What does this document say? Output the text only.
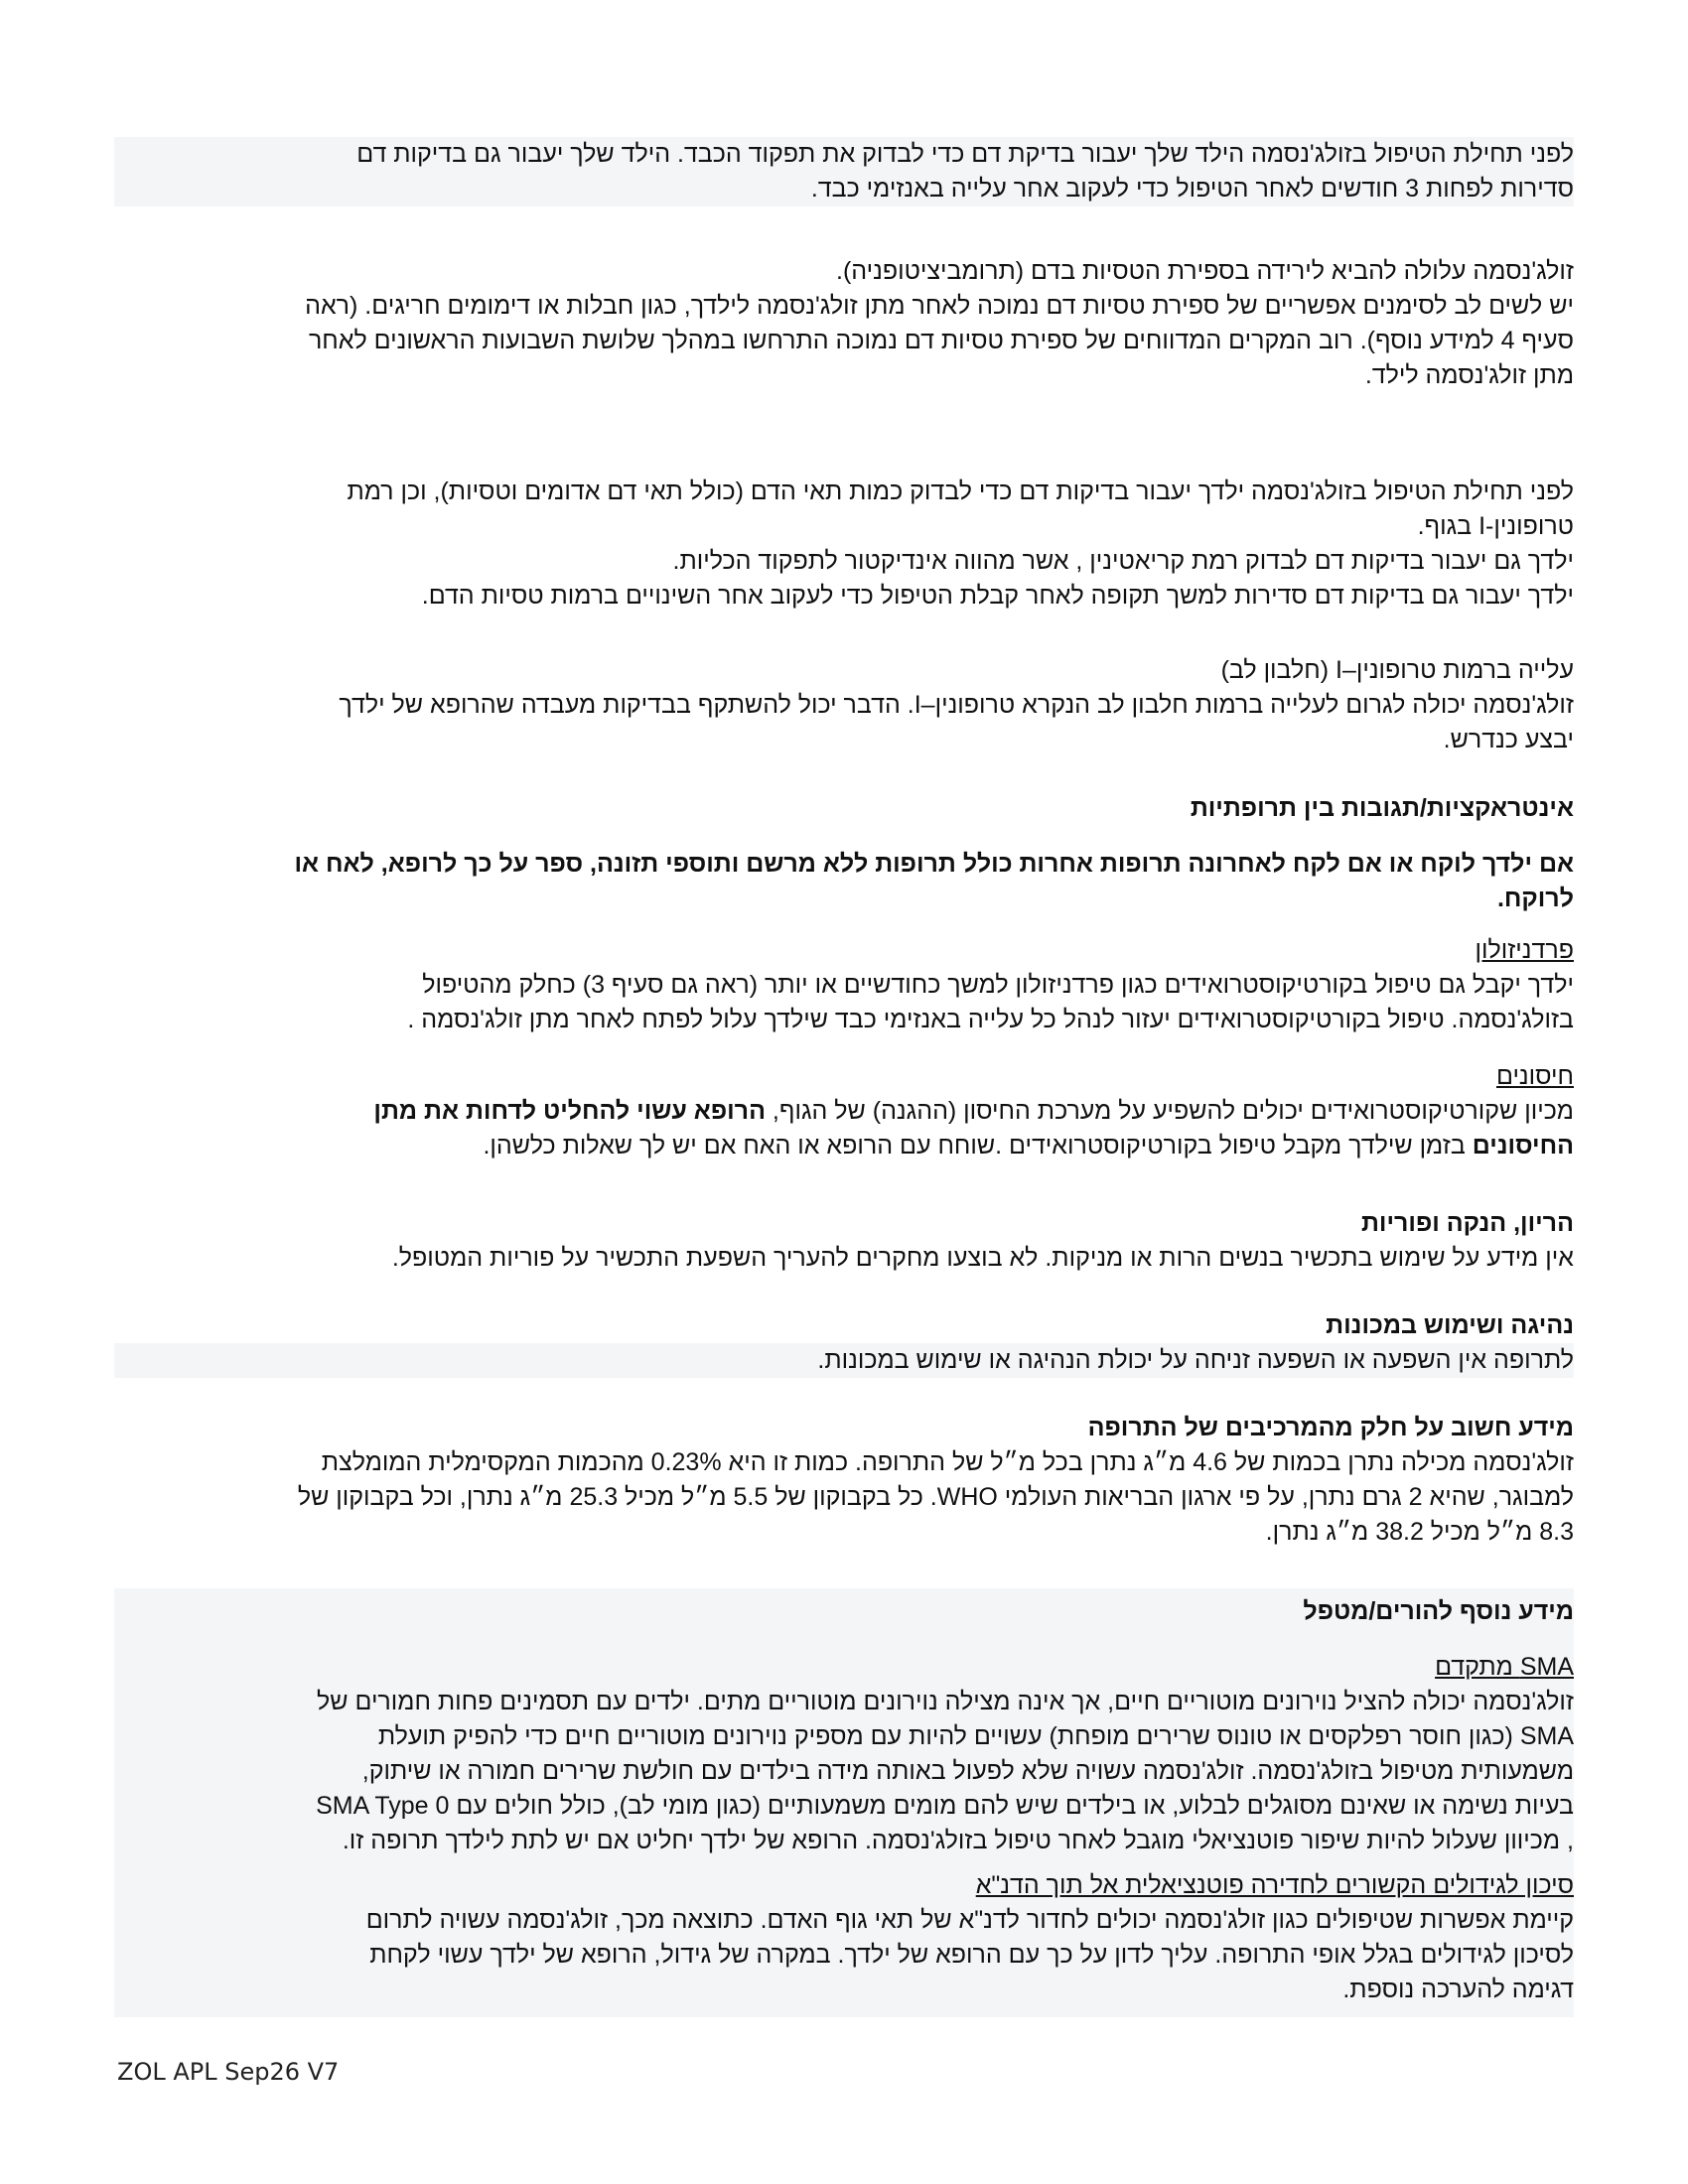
לפני תחילת הטיפול בזולג'נסמה הילד שלך יעבור בדיקת דם כדי לבדוק את תפקוד הכבד. הילד שלך יעבור גם בדיקות דם

סדירות לפחות 3 חודשים לאחר הטיפול כדי לעקוב אחר עלייה באנזימי כבד.

זולג'נסמה עלולה להביא לירידה בספירת הטסיות בדם (תרומביציטופניה).

יש לשים לב לסימנים אפשריים של ספירת טסיות דם נמוכה לאחר מתן זולג'נסמה לילדך, כגון חבלות או דימומים חריגים. (ראה

סעיף 4 למידע נוסף). רוב המקרים המדווחים של ספירת טסיות דם נמוכה התרחשו במהלך שלושת השבועות הראשונים לאחר

מתן זולג'נסמה לילד.

לפני תחילת הטיפול בזולג'נסמה ילדך יעבור בדיקות דם כדי לבדוק כמות תאי הדם (כולל תאי דם אדומים וטסיות), וכן רמת

טרופונין-I בגוף.

ילדך גם יעבור בדיקות דם לבדוק רמת קריאטינין , אשר מהווה אינדיקטור לתפקוד הכליות.

ילדך יעבור גם בדיקות דם סדירות למשך תקופה לאחר קבלת הטיפול כדי לעקוב אחר השינויים ברמות טסיות הדם.

עלייה ברמות טרופונין–I (חלבון לב)

זולג'נסמה יכולה לגרום לעלייה ברמות חלבון לב הנקרא טרופונין–I. הדבר יכול להשתקף בבדיקות מעבדה שהרופא של ילדך

יבצע כנדרש.

אינטראקציות/תגובות בין תרופתיות

אם ילדך לוקח או אם לקח לאחרונה תרופות אחרות כולל תרופות ללא מרשם ותוספי תזונה, ספר על כך לרופא, לאח או

לרוקח.

פרדניזולון

ילדך יקבל גם טיפול בקורטיקוסטרואידים כגון פרדניזולון למשך כחודשיים או יותר (ראה גם סעיף 3) כחלק מהטיפול

בזולג'נסמה. טיפול בקורטיקוסטרואידים יעזור לנהל כל עלייה באנזימי כבד שילדך עלול לפתח לאחר מתן זולג'נסמה .

חיסונים

מכיון שקורטיקוסטרואידים יכולים להשפיע על מערכת החיסון (ההגנה) של הגוף, הרופא עשוי להחליט לדחות את מתן

החיסונים בזמן שילדך מקבל טיפול בקורטיקוסטרואידים .שוחח עם הרופא או האח אם יש לך שאלות כלשהן.

הריון, הנקה ופוריות

אין מידע על שימוש בתכשיר בנשים הרות או מניקות. לא בוצעו מחקרים להעריך השפעת התכשיר על פוריות המטופל.

נהיגה ושימוש במכונות

לתרופה אין השפעה או השפעה זניחה על יכולת הנהיגה או שימוש במכונות.

מידע חשוב על חלק מהמרכיבים של התרופה

זולג'נסמה מכילה נתרן בכמות של 4.6 מ״ג נתרן בכל מ״ל של התרופה. כמות זו היא 0.23% מהכמות המקסימלית המומלצת

למבוגר, שהיא 2 גרם נתרן, על פי ארגון הבריאות העולמי WHO. כל בקבוקון של 5.5 מ״ל מכיל 25.3 מ״ג נתרן, וכל בקבוקון של

8.3 מ״ל מכיל 38.2 מ״ג נתרן.

מידע נוסף להורים/מטפל

SMA מתקדם

זולג'נסמה יכולה להציל נוירונים מוטוריים חיים, אך אינה מצילה נוירונים מוטוריים מתים. ילדים עם תסמינים פחות חמורים של

SMA (כגון חוסר רפלקסים או טונוס שרירים מופחת) עשויים להיות עם מספיק נוירונים מוטוריים חיים כדי להפיק תועלת

משמעותית מטיפול בזולג'נסמה. זולג'נסמה עשויה שלא לפעול באותה מידה בילדים עם חולשת שרירים חמורה או שיתוק,

בעיות נשימה או שאינם מסוגלים לבלוע, או בילדים שיש להם מומים משמעותיים (כגון מומי לב), כולל חולים עם SMA Type 0

, מכיוון שעלול להיות שיפור פוטנציאלי מוגבל לאחר טיפול בזולג'נסמה. הרופא של ילדך יחליט אם יש לתת לילדך תרופה זו.

סיכון לגידולים הקשורים לחדירה פוטנציאלית אל תוך הדנ"א

קיימת אפשרות שטיפולים כגון זולג'נסמה יכולים לחדור לדנ"א של תאי גוף האדם. כתוצאה מכך, זולג'נסמה עשויה לתרום

לסיכון לגידולים בגלל אופי התרופה. עליך לדון על כך עם הרופא של ילדך. במקרה של גידול, הרופא של ילדך עשוי לקחת

דגימה להערכה נוספת.

ZOL APL Sep26 V7
